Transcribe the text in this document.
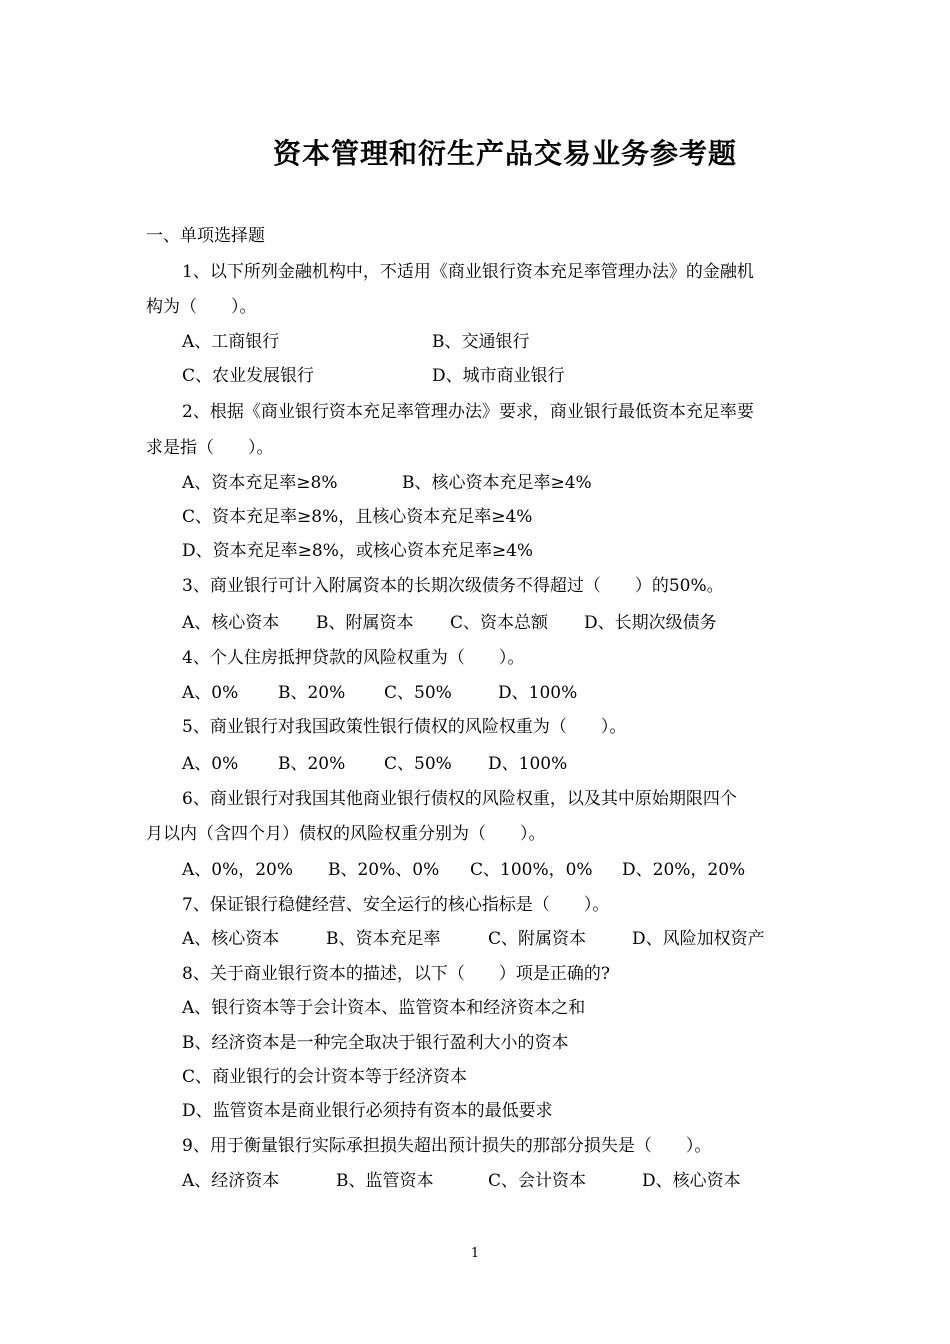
资本管理和衍生产品交易业务参考题
一、单项选择题
1、以下所列金融机构中，不适用《商业银行资本充足率管理办法》的金融机
构为（　　）。
A、工商银行	B、交通银行
C、农业发展银行	D、城市商业银行
2、根据《商业银行资本充足率管理办法》要求，商业银行最低资本充足率要
求是指（　　）。
A、资本充足率≥8%	B、核心资本充足率≥4%
C、资本充足率≥8%，且核心资本充足率≥4%
D、资本充足率≥8%，或核心资本充足率≥4%
3、商业银行可计入附属资本的长期次级债务不得超过（　　）的50%。
A、核心资本 B、附属资本 C、资本总额 D、长期次级债务
4、个人住房抵押贷款的风险权重为（　　）。
A、0% B、20% C、50%	D、100%
5、商业银行对我国政策性银行债权的风险权重为（　　）。
A、0% B、20% C、50% D、100%
6、商业银行对我国其他商业银行债权的风险权重，以及其中原始期限四个
月以内（含四个月）债权的风险权重分别为（　　）。
A、0%，20% B、20%、0% C、100%，0% D、20%，20%
7、保证银行稳健经营、安全运行的核心指标是（　　）。
A、核心资本	B、资本充足率	C、附属资本	D、风险加权资产
8、关于商业银行资本的描述，以下（　　）项是正确的?
A、银行资本等于会计资本、监管资本和经济资本之和
B、经济资本是一种完全取决于银行盈利大小的资本
C、商业银行的会计资本等于经济资本
D、监管资本是商业银行必须持有资本的最低要求
9、用于衡量银行实际承担损失超出预计损失的那部分损失是（　　）。
A、经济资本	B、监管资本	C、会计资本	D、核心资本
1
